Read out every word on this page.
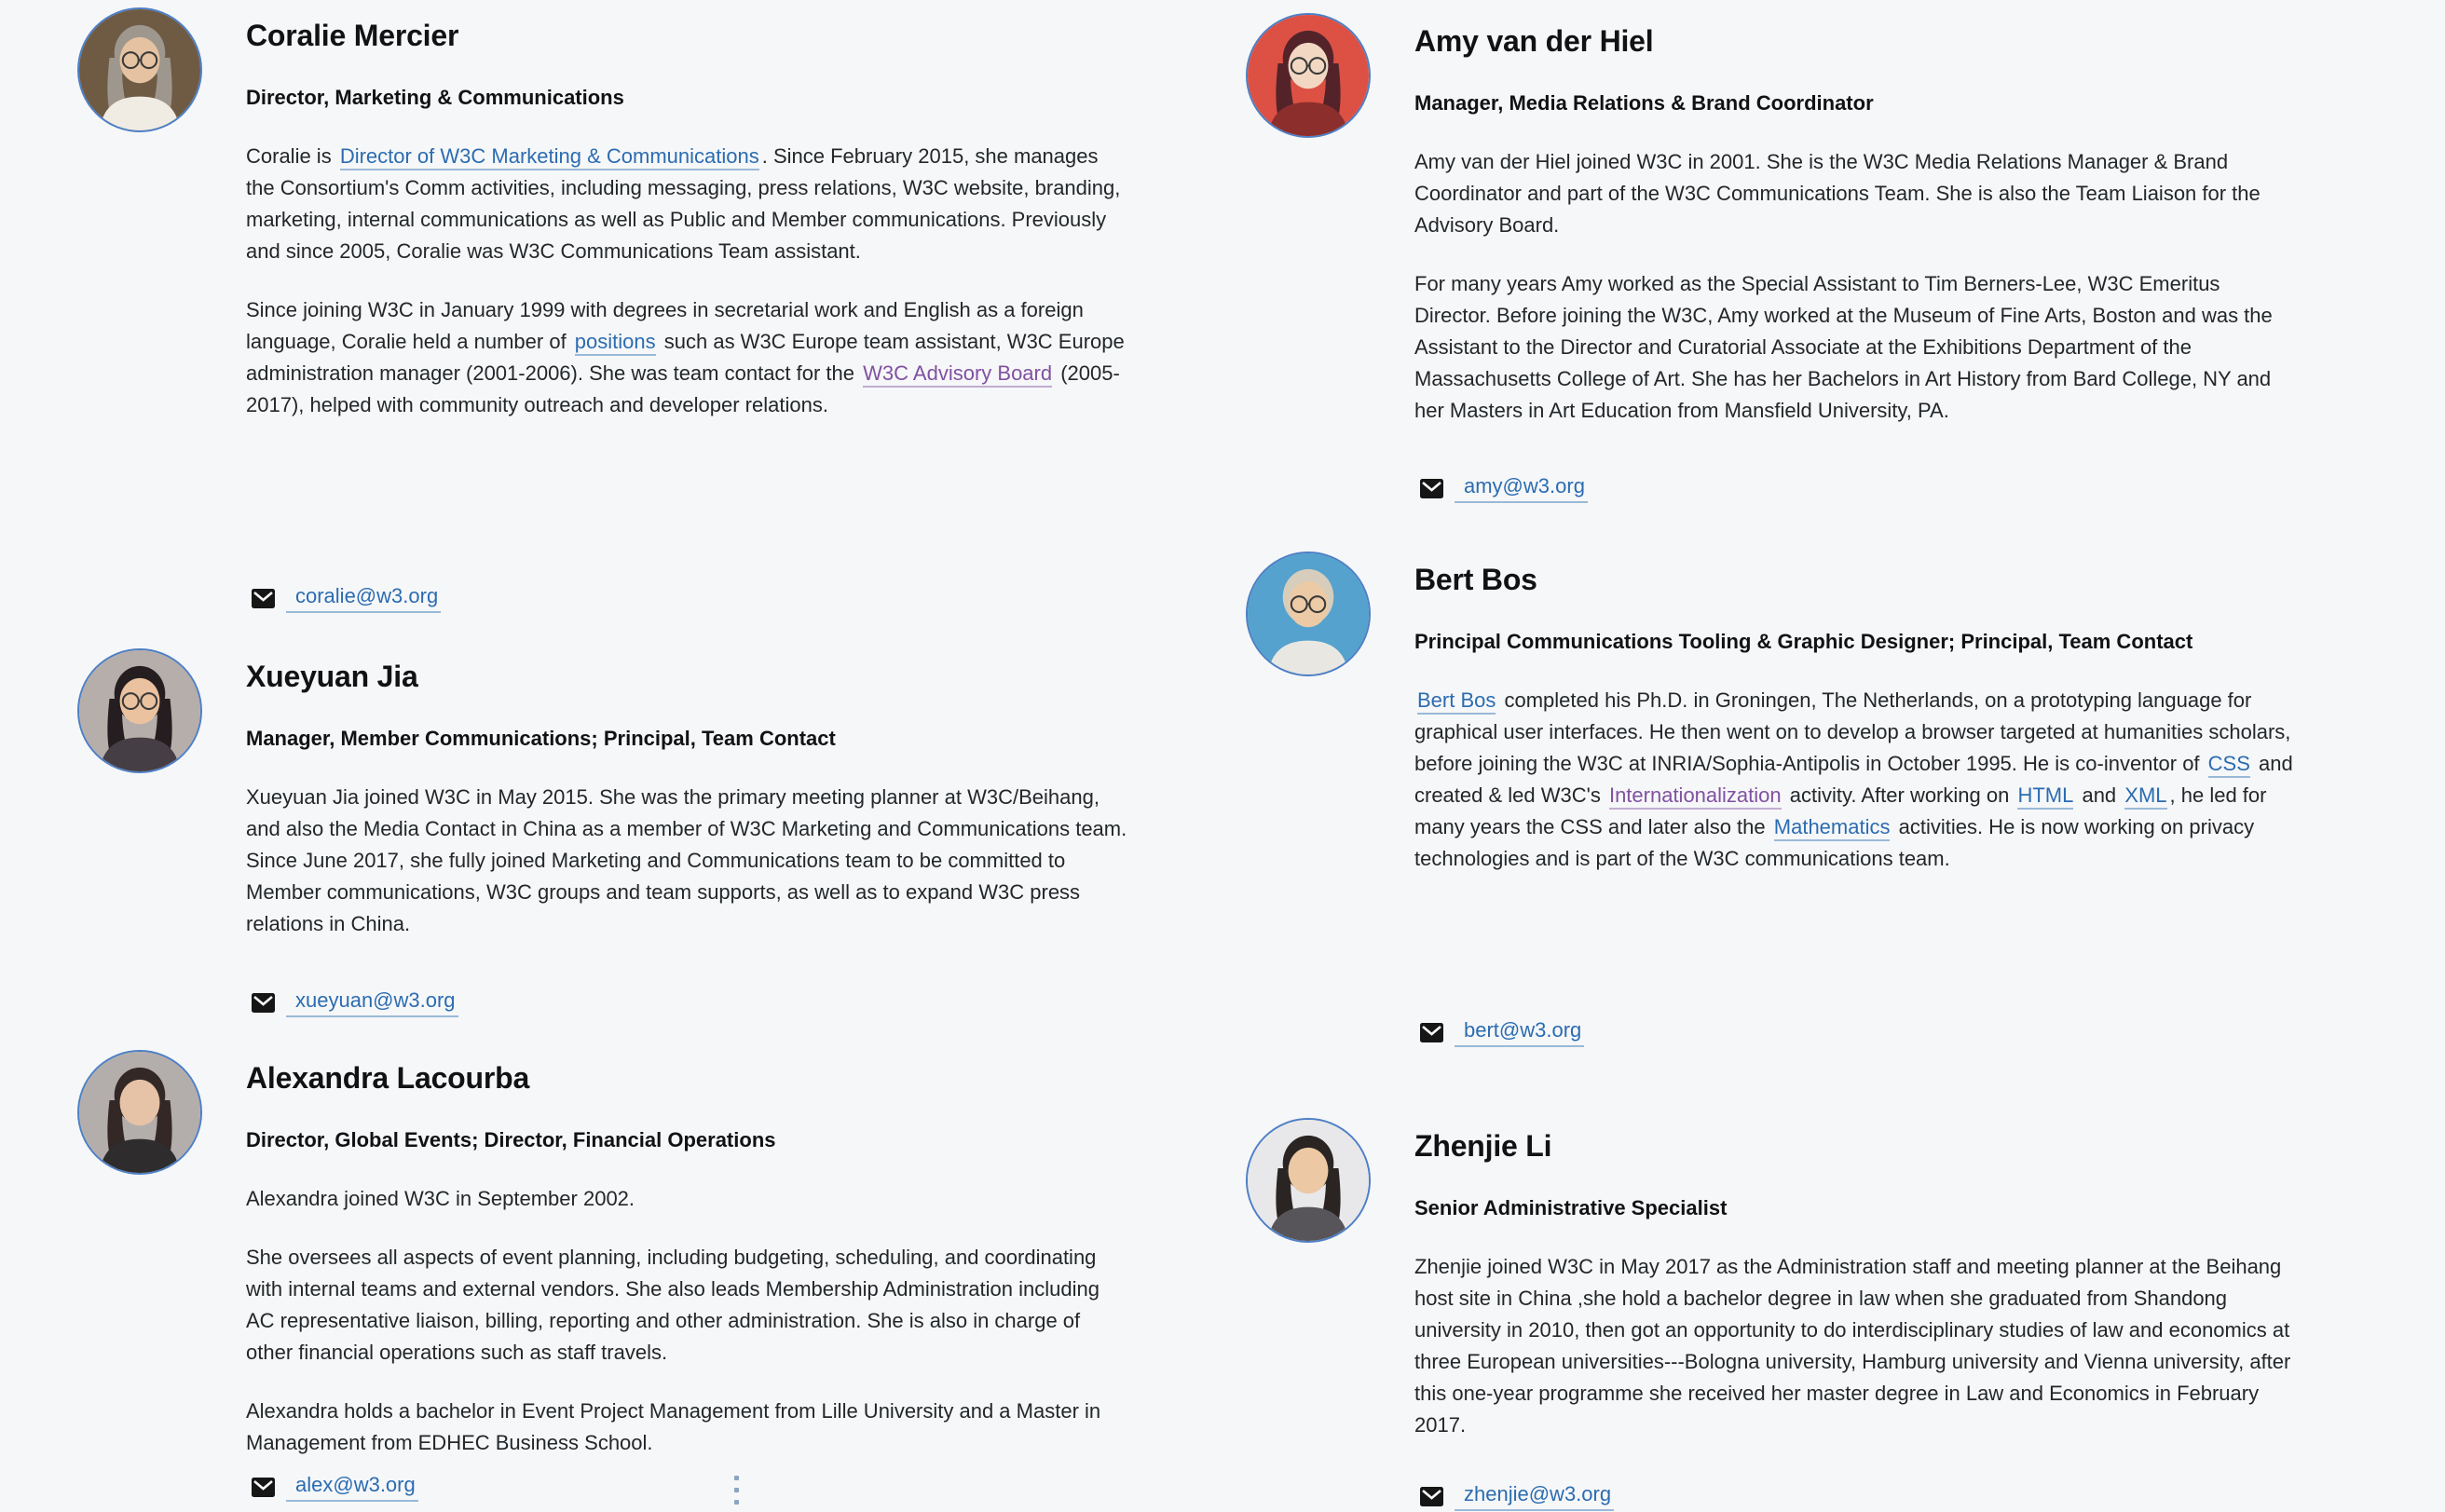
Coralie Mercier

Director, Marketing & Communications

Coralie is Director of W3C Marketing & Communications . Since February 2015, she manages the Consortium's Comm activities, including messaging, press relations, W3C website, branding, marketing, internal communications as well as Public and Member communications. Previously and since 2005, Coralie was W3C Communications Team assistant.

Since joining W3C in January 1999 with degrees in secretarial work and English as a foreign language, Coralie held a number of positions such as W3C Europe team assistant, W3C Europe administration manager (2001-2006). She was team contact for the W3C Advisory Board (2005-2017), helped with community outreach and developer relations.

coralie@w3.org

Xueyuan Jia

Manager, Member Communications; Principal, Team Contact

Xueyuan Jia joined W3C in May 2015. She was the primary meeting planner at W3C/Beihang, and also the Media Contact in China as a member of W3C Marketing and Communications team. Since June 2017, she fully joined Marketing and Communications team to be committed to Member communications, W3C groups and team supports, as well as to expand W3C press relations in China.

xueyuan@w3.org

Alexandra Lacourba

Director, Global Events; Director, Financial Operations

Alexandra joined W3C in September 2002.

She oversees all aspects of event planning, including budgeting, scheduling, and coordinating with internal teams and external vendors. She also leads Membership Administration including AC representative liaison, billing, reporting and other administration. She is also in charge of other financial operations such as staff travels.

Alexandra holds a bachelor in Event Project Management from Lille University and a Master in Management from EDHEC Business School.

alex@w3.org

Amy van der Hiel

Manager, Media Relations & Brand Coordinator

Amy van der Hiel joined W3C in 2001. She is the W3C Media Relations Manager & Brand Coordinator and part of the W3C Communications Team. She is also the Team Liaison for the Advisory Board.

For many years Amy worked as the Special Assistant to Tim Berners-Lee, W3C Emeritus Director. Before joining the W3C, Amy worked at the Museum of Fine Arts, Boston and was the Assistant to the Director and Curatorial Associate at the Exhibitions Department of the Massachusetts College of Art. She has her Bachelors in Art History from Bard College, NY and her Masters in Art Education from Mansfield University, PA.

amy@w3.org

Bert Bos

Principal Communications Tooling & Graphic Designer; Principal, Team Contact

Bert Bos completed his Ph.D. in Groningen, The Netherlands, on a prototyping language for graphical user interfaces. He then went on to develop a browser targeted at humanities scholars, before joining the W3C at INRIA/Sophia-Antipolis in October 1995. He is co-inventor of CSS and created & led W3C's Internationalization activity. After working on HTML and XML , he led for many years the CSS and later also the Mathematics activities. He is now working on privacy technologies and is part of the W3C communications team.

bert@w3.org

Zhenjie Li

Senior Administrative Specialist

Zhenjie joined W3C in May 2017 as the Administration staff and meeting planner at the Beihang host site in China ,she hold a bachelor degree in law when she graduated from Shandong university in 2010, then got an opportunity to do interdisciplinary studies of law and economics at three European universities---Bologna university, Hamburg university and Vienna university, after this one-year programme she received her master degree in Law and Economics in February 2017.

zhenjie@w3.org
